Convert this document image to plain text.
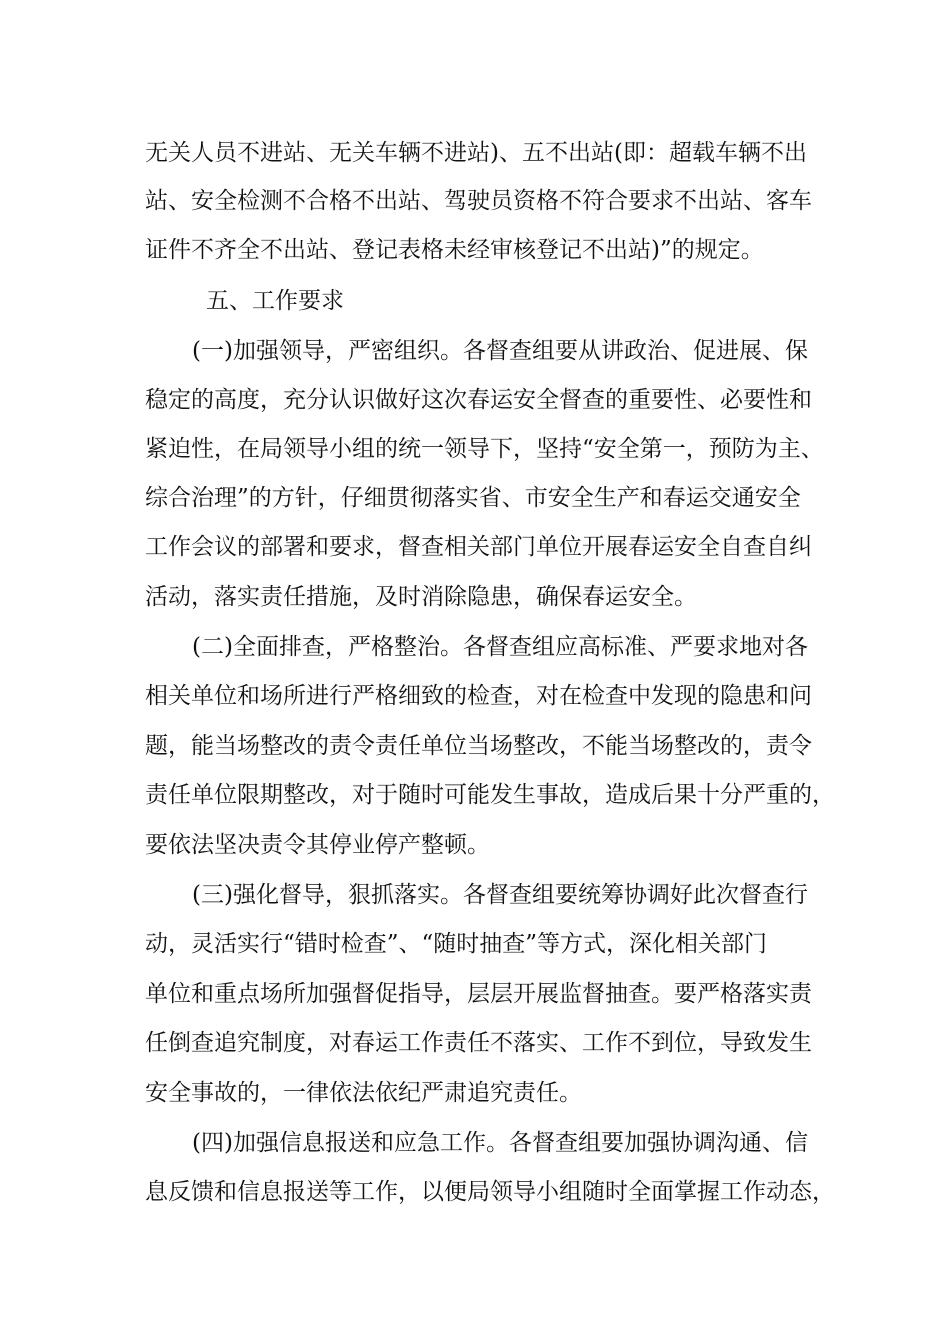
无关人员不进站、无关车辆不进站)、五不出站(即：超载车辆不出
站、安全检测不合格不出站、驾驶员资格不符合要求不出站、客车
证件不齐全不出站、登记表格未经审核登记不出站)”的规定。
五、工作要求
(一)加强领导，严密组织。各督查组要从讲政治、促进展、保
稳定的高度，充分认识做好这次春运安全督查的重要性、必要性和
紧迫性，在局领导小组的统一领导下，坚持“安全第一，预防为主、
综合治理”的方针，仔细贯彻落实省、市安全生产和春运交通安全
工作会议的部署和要求，督查相关部门单位开展春运安全自查自纠
活动，落实责任措施，及时消除隐患，确保春运安全。
(二)全面排查，严格整治。各督查组应高标准、严要求地对各
相关单位和场所进行严格细致的检查，对在检查中发现的隐患和问
题，能当场整改的责令责任单位当场整改，不能当场整改的，责令
责任单位限期整改，对于随时可能发生事故，造成后果十分严重的，
要依法坚决责令其停业停产整顿。
(三)强化督导，狠抓落实。各督查组要统筹协调好此次督查行
动，灵活实行“错时检查”、“随时抽查”等方式，深化相关部门
单位和重点场所加强督促指导，层层开展监督抽查。要严格落实责
任倒查追究制度，对春运工作责任不落实、工作不到位，导致发生
安全事故的，一律依法依纪严肃追究责任。
(四)加强信息报送和应急工作。各督查组要加强协调沟通、信
息反馈和信息报送等工作，以便局领导小组随时全面掌握工作动态，
